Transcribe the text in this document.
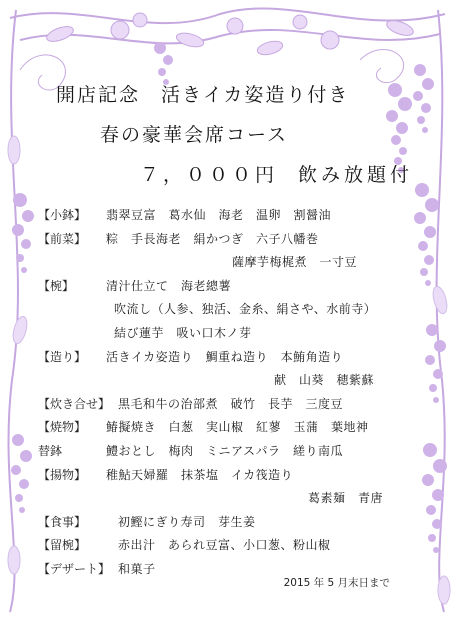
開店記念　活きイカ姿造り付き
春の豪華会席コース
７，０００円 飲み放題付
【小鉢】 翡翠豆富　葛水仙　海老　温卵　割醤油
【前菜】 粽　手長海老　絹かつぎ　六子八幡巻
薩摩芋梅梶煮　一寸豆
【椀】	清汁仕立て　海老總薯
吹流し（人参、独活、金糸、絹さや、水前寺）
結び蓮芋　吸い口木ノ芽
【造り】 活きイカ姿造り　鯛重ね造り　本鮪角造り
献　山葵　穂紫蘇
【炊き合せ】 黒毛和牛の治部煮　破竹　長芋　三度豆
【焼物】 鰆擬焼き　白葱　実山椒　紅蓼　玉蒲　葉地神
替鉢	鱧おとし　梅肉　ミニアスパラ　縒り南瓜
【揚物】 稚鮎天婦羅　抹茶塩　イカ筏造り
葛素麺　青唐
【食事】	初鰹にぎり寿司　芽生姜
【留椀】	赤出汁　あられ豆富、小口葱、粉山椒
【デザート】 和菓子
2015 年 5 月末日まで
